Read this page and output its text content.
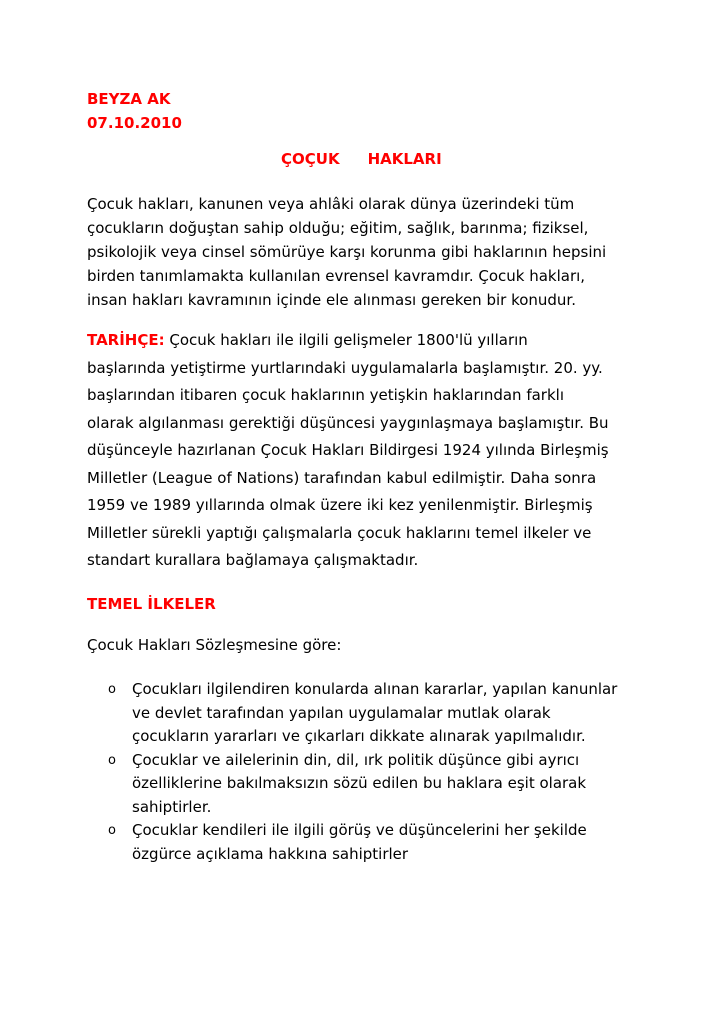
BEYZA AK
07.10.2010
ÇOÇUK HAKLARI
Çocuk hakları, kanunen veya ahlâki olarak dünya üzerindeki tüm
çocukların doğuştan sahip olduğu; eğitim, sağlık, barınma; fiziksel,
psikolojik veya cinsel sömürüye karşı korunma gibi haklarının hepsini
birden tanımlamakta kullanılan evrensel kavramdır. Çocuk hakları,
insan hakları kavramının içinde ele alınması gereken bir konudur.
TARİHÇE: Çocuk hakları ile ilgili gelişmeler 1800'lü yılların
başlarında yetiştirme yurtlarındaki uygulamalarla başlamıştır. 20. yy.
başlarından itibaren çocuk haklarının yetişkin haklarından farklı
olarak algılanması gerektiği düşüncesi yaygınlaşmaya başlamıştır. Bu
düşünceyle hazırlanan Çocuk Hakları Bildirgesi 1924 yılında Birleşmiş
Milletler (League of Nations) tarafından kabul edilmiştir. Daha sonra
1959 ve 1989 yıllarında olmak üzere iki kez yenilenmiştir. Birleşmiş
Milletler sürekli yaptığı çalışmalarla çocuk haklarını temel ilkeler ve
standart kurallara bağlamaya çalışmaktadır.
TEMEL İLKELER
Çocuk Hakları Sözleşmesine göre:
o Çocukları ilgilendiren konularda alınan kararlar, yapılan kanunlar
ve devlet tarafından yapılan uygulamalar mutlak olarak
çocukların yararları ve çıkarları dikkate alınarak yapılmalıdır.
o Çocuklar ve ailelerinin din, dil, ırk politik düşünce gibi ayrıcı
özelliklerine bakılmaksızın sözü edilen bu haklara eşit olarak
sahiptirler.
o Çocuklar kendileri ile ilgili görüş ve düşüncelerini her şekilde
özgürce açıklama hakkına sahiptirler
